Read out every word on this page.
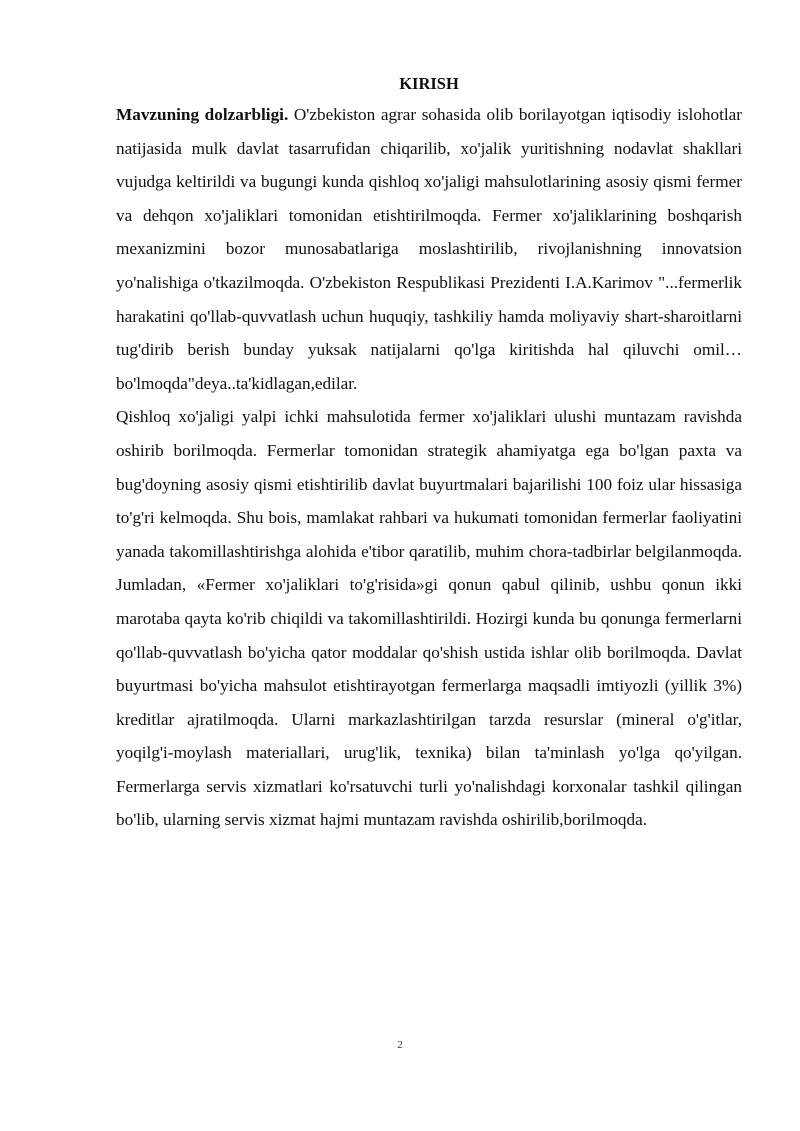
KIRISH

Mavzuning dolzarbligi. O'zbekiston agrar sohasida olib borilayotgan iqtisodiy islohotlar natijasida mulk davlat tasarrufidan chiqarilib, xo'jalik yuritishning nodavlat shakllari vujudga keltirildi va bugungi kunda qishloq xo'jaligi mahsulotlarining asosiy qismi fermer va dehqon xo'jaliklari tomonidan etishtirilmoqda. Fermer xo'jaliklarining boshqarish mexanizmini bozor munosabatlariga moslashtirilib, rivojlanishning innovatsion yo'nalishiga o'tkazilmoqda. O'zbekiston Respublikasi Prezidenti I.A.Karimov "...fermerlik harakatini qo'llab-quvvatlash uchun huquqiy, tashkiliy hamda moliyaviy shart-sharoitlarni tug'dirib berish bunday yuksak natijalarni qo'lga kiritishda hal qiluvchi omil…bo'lmoqda"deya..ta'kidlagan,edilar.

Qishloq xo'jaligi yalpi ichki mahsulotida fermer xo'jaliklari ulushi muntazam ravishda oshirib borilmoqda. Fermerlar tomonidan strategik ahamiyatga ega bo'lgan paxta va bug'doyning asosiy qismi etishtirilib davlat buyurtmalari bajarilishi 100 foiz ular hissasiga to'g'ri kelmoqda. Shu bois, mamlakat rahbari va hukumati tomonidan fermerlar faoliyatini yanada takomillashtirishga alohida e'tibor qaratilib, muhim chora-tadbirlar belgilanmoqda. Jumladan, «Fermer xo'jaliklari to'g'risida»gi qonun qabul qilinib, ushbu qonun ikki marotaba qayta ko'rib chiqildi va takomillashtirildi. Hozirgi kunda bu qonunga fermerlarni qo'llab-quvvatlash bo'yicha qator moddalar qo'shish ustida ishlar olib borilmoqda. Davlat buyurtmasi bo'yicha mahsulot etishtirayotgan fermerlarga maqsadli imtiyozli (yillik 3%) kreditlar ajratilmoqda. Ularni markazlashtirilgan tarzda resurslar (mineral o'g'itlar, yoqilg'i-moylash materiallari, urug'lik, texnika) bilan ta'minlash yo'lga qo'yilgan. Fermerlarga servis xizmatlari ko'rsatuvchi turli yo'nalishdagi korxonalar tashkil qilingan bo'lib, ularning servis xizmat hajmi muntazam ravishda oshirilib,borilmoqda.

2
